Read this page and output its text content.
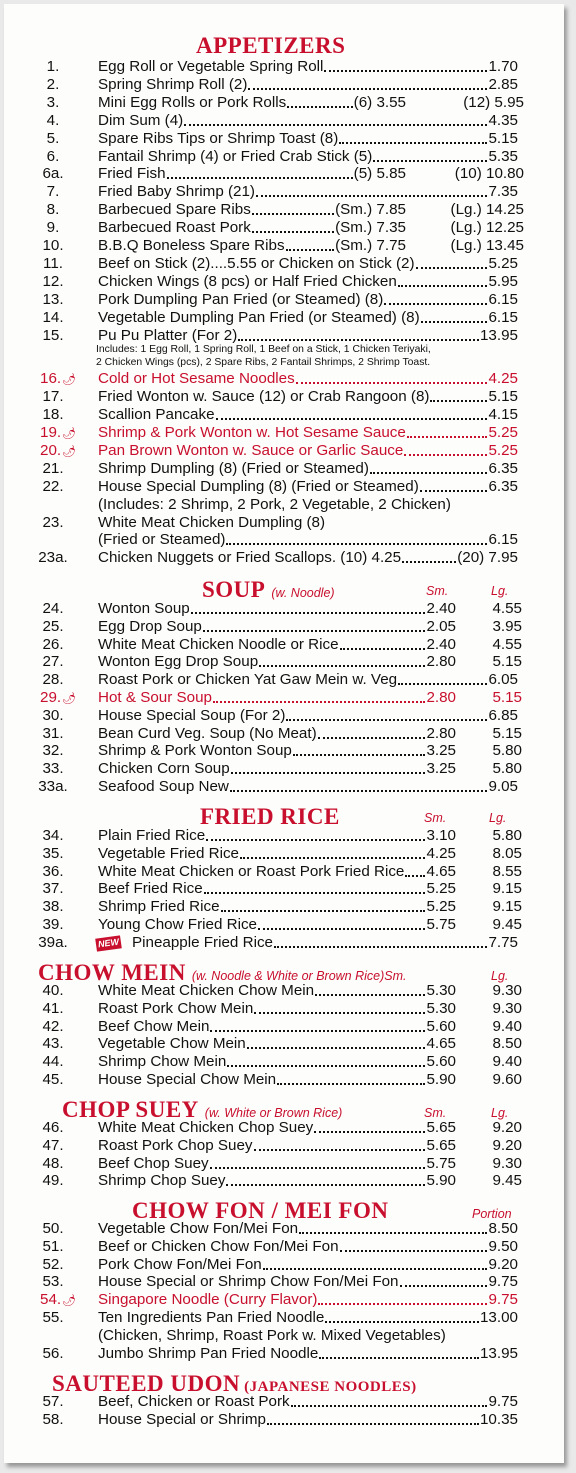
APPETIZERS
1.	Egg Roll or Vegetable Spring Roll	1.70
2.	Spring Shrimp Roll (2)	2.85
3.	Mini Egg Rolls or Pork Rolls	(6) 3.55	(12) 5.95
4.	Dim Sum (4)	4.35
5.	Spare Ribs Tips or Shrimp Toast (8)	5.15
6.	Fantail Shrimp (4) or Fried Crab Stick (5)	5.35
6a.	Fried Fish	(5) 5.85	(10) 10.80
7.	Fried Baby Shrimp (21)	7.35
8.	Barbecued Spare Ribs	(Sm.) 7.85	(Lg.) 14.25
9.	Barbecued Roast Pork	(Sm.) 7.35	(Lg.) 12.25
10.	B.B.Q Boneless Spare Ribs	(Sm.) 7.75	(Lg.) 13.45
11.	Beef on Stick (2)....5.55 or Chicken on Stick (2)	5.25
12.	Chicken Wings (8 pcs) or Half Fried Chicken	5.95
13.	Pork Dumpling Pan Fried (or Steamed) (8)	6.15
14.	Vegetable Dumpling Pan Fried (or Steamed) (8)	6.15
15.	Pu Pu Platter (For 2)	13.95
16.🌶	Cold or Hot Sesame Noodles	4.25
17.	Fried Wonton w. Sauce (12) or Crab Rangoon (8)	5.15
18.	Scallion Pancake	4.15
19.🌶	Shrimp & Pork Wonton w. Hot Sesame Sauce	5.25
20.🌶	Pan Brown Wonton w. Sauce or Garlic Sauce	5.25
21.	Shrimp Dumpling (8) (Fried or Steamed)	6.35
22.	House Special Dumpling (8) (Fried or Steamed)	6.35
(Includes: 2 Shrimp, 2 Pork, 2 Vegetable, 2 Chicken)
23.	White Meat Chicken Dumpling (8)
(Fried or Steamed)	6.15
23a. Chicken Nuggets or Fried Scallops. (10) 4.25	(20) 7.95
SOUP (w. Noodle)	Sm.	Lg.
24.	Wonton Soup	2.40	4.55
25.	Egg Drop Soup	2.05	3.95
26.	White Meat Chicken Noodle or Rice	2.40	4.55
27.	Wonton Egg Drop Soup	2.80	5.15
28.	Roast Pork or Chicken Yat Gaw Mein w. Veg	6.05
29.🌶	Hot & Sour Soup	2.80	5.15
30.	House Special Soup (For 2)	6.85
31.	Bean Curd Veg. Soup (No Meat)	2.80	5.15
32.	Shrimp & Pork Wonton Soup	3.25	5.80
33.	Chicken Corn Soup	3.25	5.80
33a. Seafood Soup New	9.05
FRIED RICE	Sm.	Lg.
34.	Plain Fried Rice	3.10	5.80
35.	Vegetable Fried Rice	4.25	8.05
36.	White Meat Chicken or Roast Pork Fried Rice 4.65	8.55
37.	Beef Fried Rice	5.25	9.15
38.	Shrimp Fried Rice	5.25	9.15
39.	Young Chow Fried Rice	5.75	9.45
39a.	NEW Pineapple Fried Rice	7.75
CHOW MEIN (w. Noodle & White or Brown Rice)Sm.	Lg.
40.	White Meat Chicken Chow Mein	5.30	9.30
41.	Roast Pork Chow Mein	5.30	9.30
42.	Beef Chow Mein	5.60	9.40
43.	Vegetable Chow Mein	4.65	8.50
44.	Shrimp Chow Mein	5.60	9.40
45.	House Special Chow Mein	5.90	9.60
CHOP SUEY (w. White or Brown Rice)	Sm.	Lg.
46.	White Meat Chicken Chop Suey	5.65	9.20
47.	Roast Pork Chop Suey	5.65	9.20
48.	Beef Chop Suey	5.75	9.30
49.	Shrimp Chop Suey	5.90	9.45
CHOW FON / MEI FON	Portion
50.	Vegetable Chow Fon/Mei Fon	8.50
51.	Beef or Chicken Chow Fon/Mei Fon	9.50
52.	Pork Chow Fon/Mei Fon	9.20
53.	House Special or Shrimp Chow Fon/Mei Fon	9.75
54.🌶	Singapore Noodle (Curry Flavor)	9.75
55.	Ten Ingredients Pan Fried Noodle	13.00
(Chicken, Shrimp, Roast Pork w. Mixed Vegetables)
56.	Jumbo Shrimp Pan Fried Noodle	13.95
SAUTEED UDON (JAPANESE NOODLES)
57.	Beef, Chicken or Roast Pork	9.75
58.	House Special or Shrimp	10.35
Includes: 1 Egg Roll, 1 Spring Roll, 1 Beef on a Stick, 1 Chicken Teriyaki,
2 Chicken Wings (pcs), 2 Spare Ribs, 2 Fantail Shrimps, 2 Shrimp Toast.
